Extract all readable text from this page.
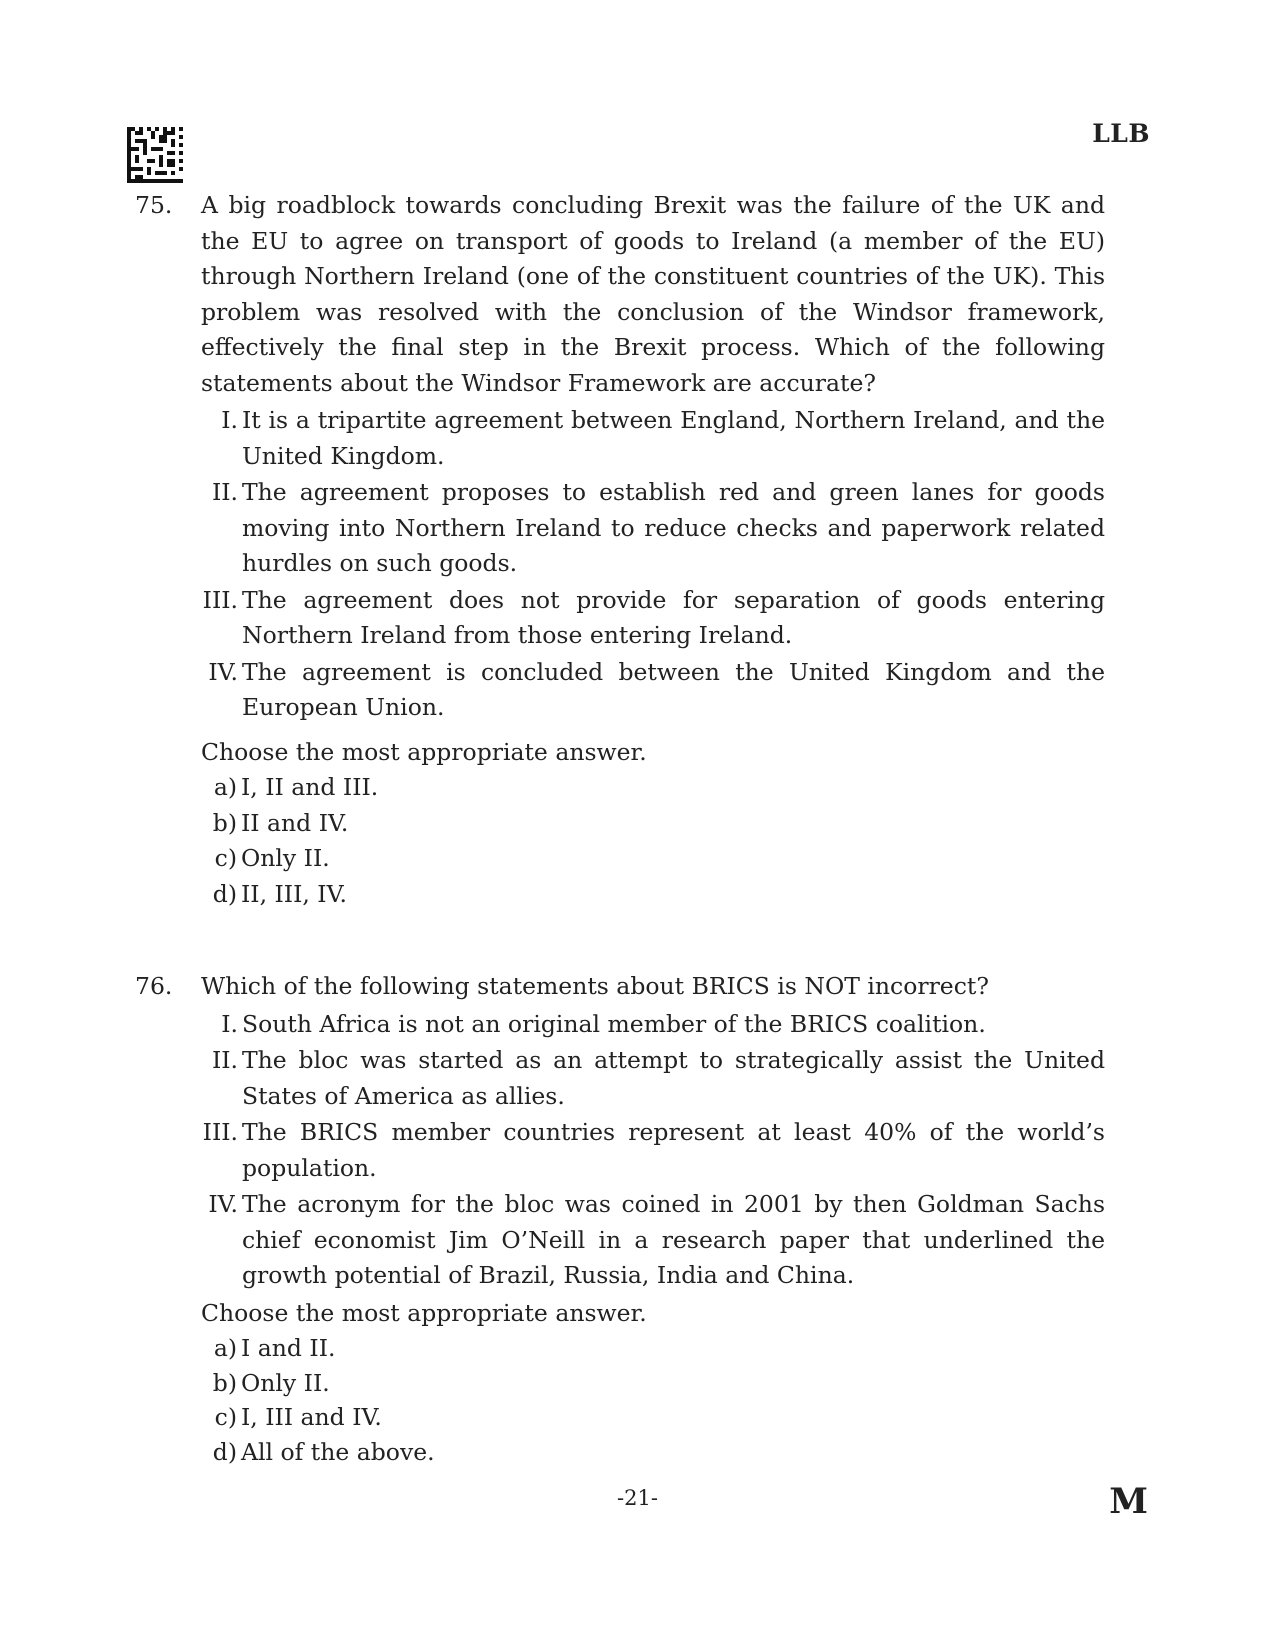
LLB
75. A big roadblock towards concluding Brexit was the failure of the UK and the EU to agree on transport of goods to Ireland (a member of the EU) through Northern Ireland (one of the constituent countries of the UK). This problem was resolved with the conclusion of the Windsor framework, effectively the final step in the Brexit process. Which of the following statements about the Windsor Framework are accurate?
I. It is a tripartite agreement between England, Northern Ireland, and the United Kingdom.
II. The agreement proposes to establish red and green lanes for goods moving into Northern Ireland to reduce checks and paperwork related hurdles on such goods.
III. The agreement does not provide for separation of goods entering Northern Ireland from those entering Ireland.
IV. The agreement is concluded between the United Kingdom and the European Union.
Choose the most appropriate answer.
a) I, II and III.
b) II and IV.
c) Only II.
d) II, III, IV.
76. Which of the following statements about BRICS is NOT incorrect?
I. South Africa is not an original member of the BRICS coalition.
II. The bloc was started as an attempt to strategically assist the United States of America as allies.
III. The BRICS member countries represent at least 40% of the world’s population.
IV. The acronym for the bloc was coined in 2001 by then Goldman Sachs chief economist Jim O’Neill in a research paper that underlined the growth potential of Brazil, Russia, India and China.
Choose the most appropriate answer.
a) I and II.
b) Only II.
c) I, III and IV.
d) All of the above.
-21-	M
